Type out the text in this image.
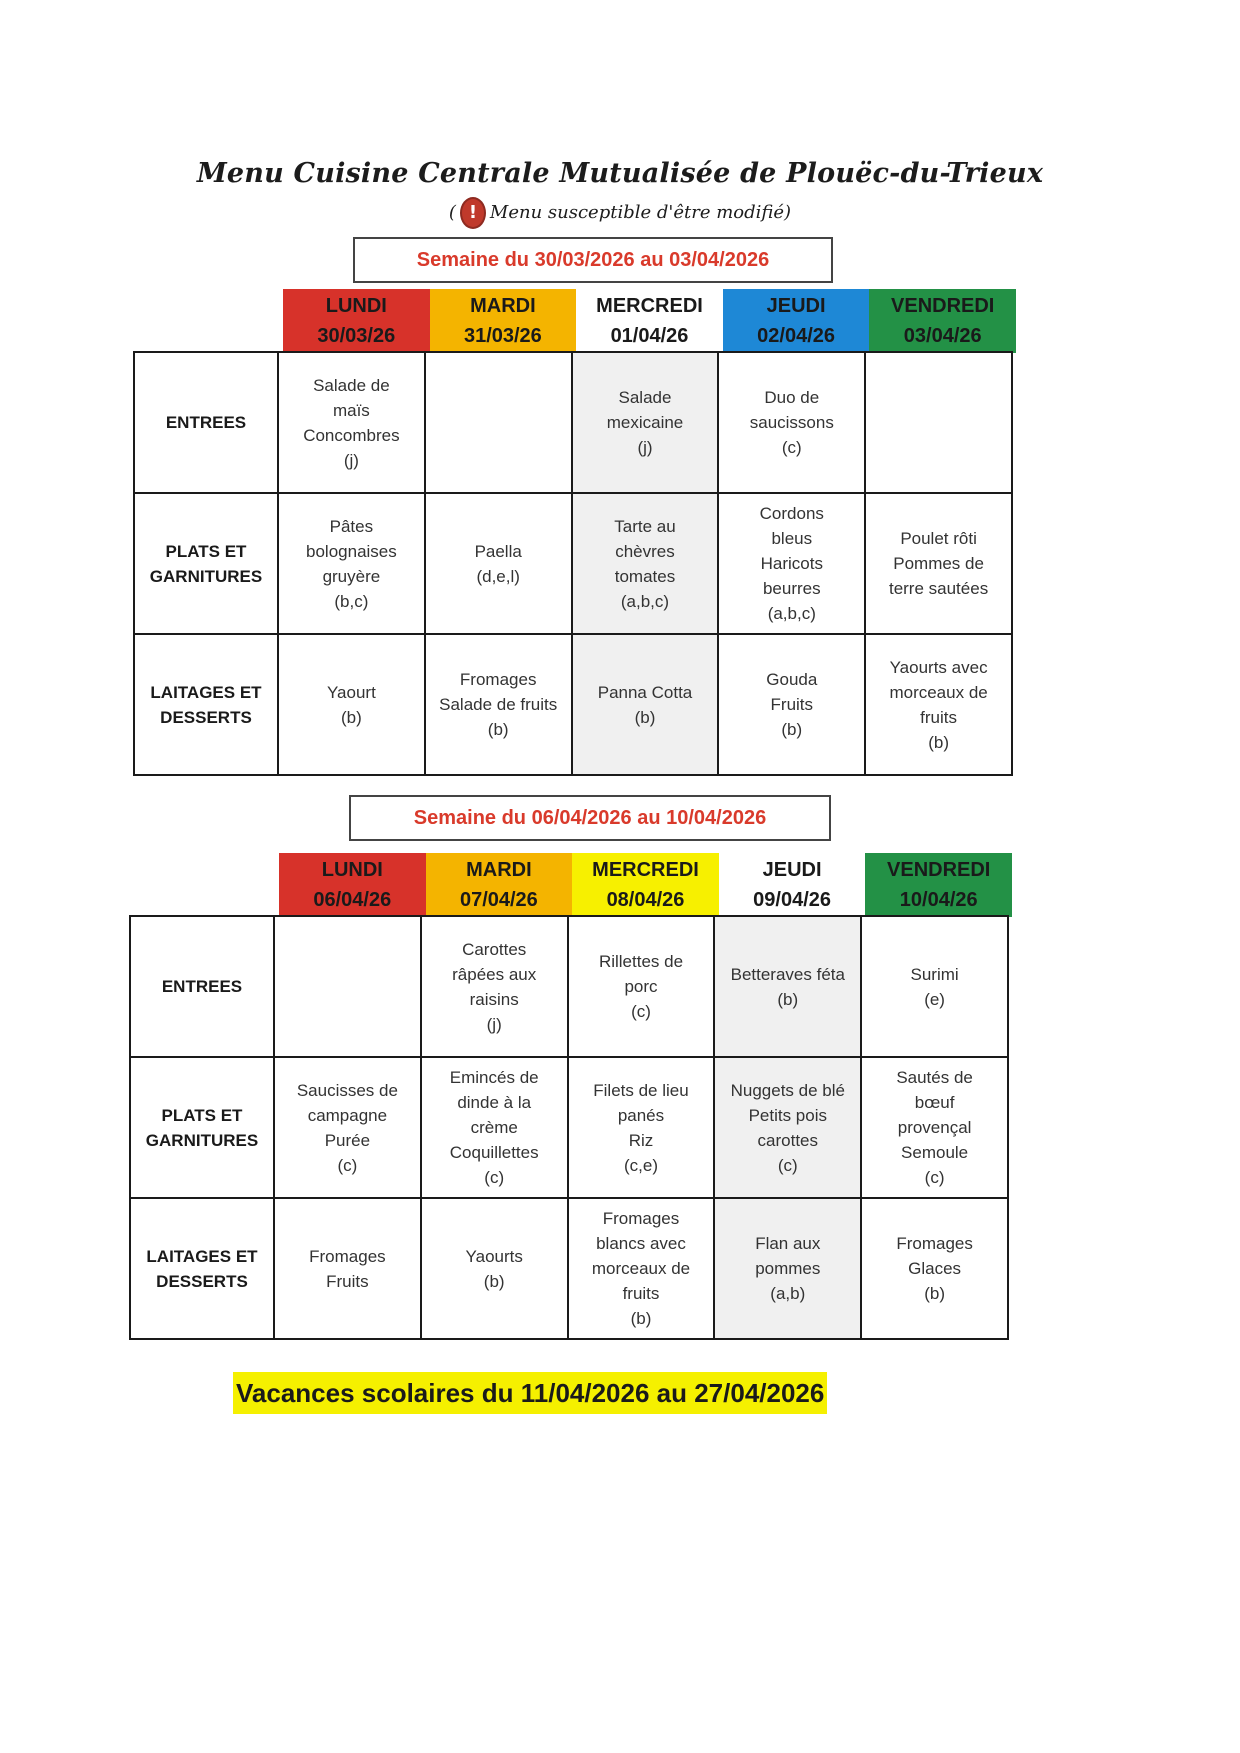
Menu Cuisine Centrale Mutualisée de Plouëc-du-Trieux
( ! Menu susceptible d'être modifié)
Semaine du 30/03/2026 au 03/04/2026
LUNDI
30/03/26
MARDI
31/03/26
MERCREDI
01/04/26
JEUDI
02/04/26
VENDREDI
03/04/26
ENTREES
Salade de
maïs
Concombres
(j)
Salade
mexicaine
(j)
Duo de
saucissons
(c)
PLATS ET
GARNITURES
Pâtes
bolognaises
gruyère
(b,c)
Paella
(d,e,l)
Tarte au
chèvres
tomates
(a,b,c)
Cordons
bleus
Haricots
beurres
(a,b,c)
Poulet rôti
Pommes de
terre sautées
LAITAGES ET
DESSERTS
Yaourt
(b)
Fromages
Salade de fruits
(b)
Panna Cotta
(b)
Gouda
Fruits
(b)
Yaourts avec
morceaux de
fruits
(b)
Semaine du 06/04/2026 au 10/04/2026
LUNDI
06/04/26
MARDI
07/04/26
MERCREDI
08/04/26
JEUDI
09/04/26
VENDREDI
10/04/26
ENTREES
Carottes
râpées aux
raisins
(j)
Rillettes de
porc
(c)
Betteraves féta
(b)
Surimi
(e)
PLATS ET
GARNITURES
Saucisses de
campagne
Purée
(c)
Emincés de
dinde à la
crème
Coquillettes
(c)
Filets de lieu
panés
Riz
(c,e)
Nuggets de blé
Petits pois
carottes
(c)
Sautés de
bœuf
provençal
Semoule
(c)
LAITAGES ET
DESSERTS
Fromages
Fruits
Yaourts
(b)
Fromages
blancs avec
morceaux de
fruits
(b)
Flan aux
pommes
(a,b)
Fromages
Glaces
(b)
Vacances scolaires du 11/04/2026 au 27/04/2026
